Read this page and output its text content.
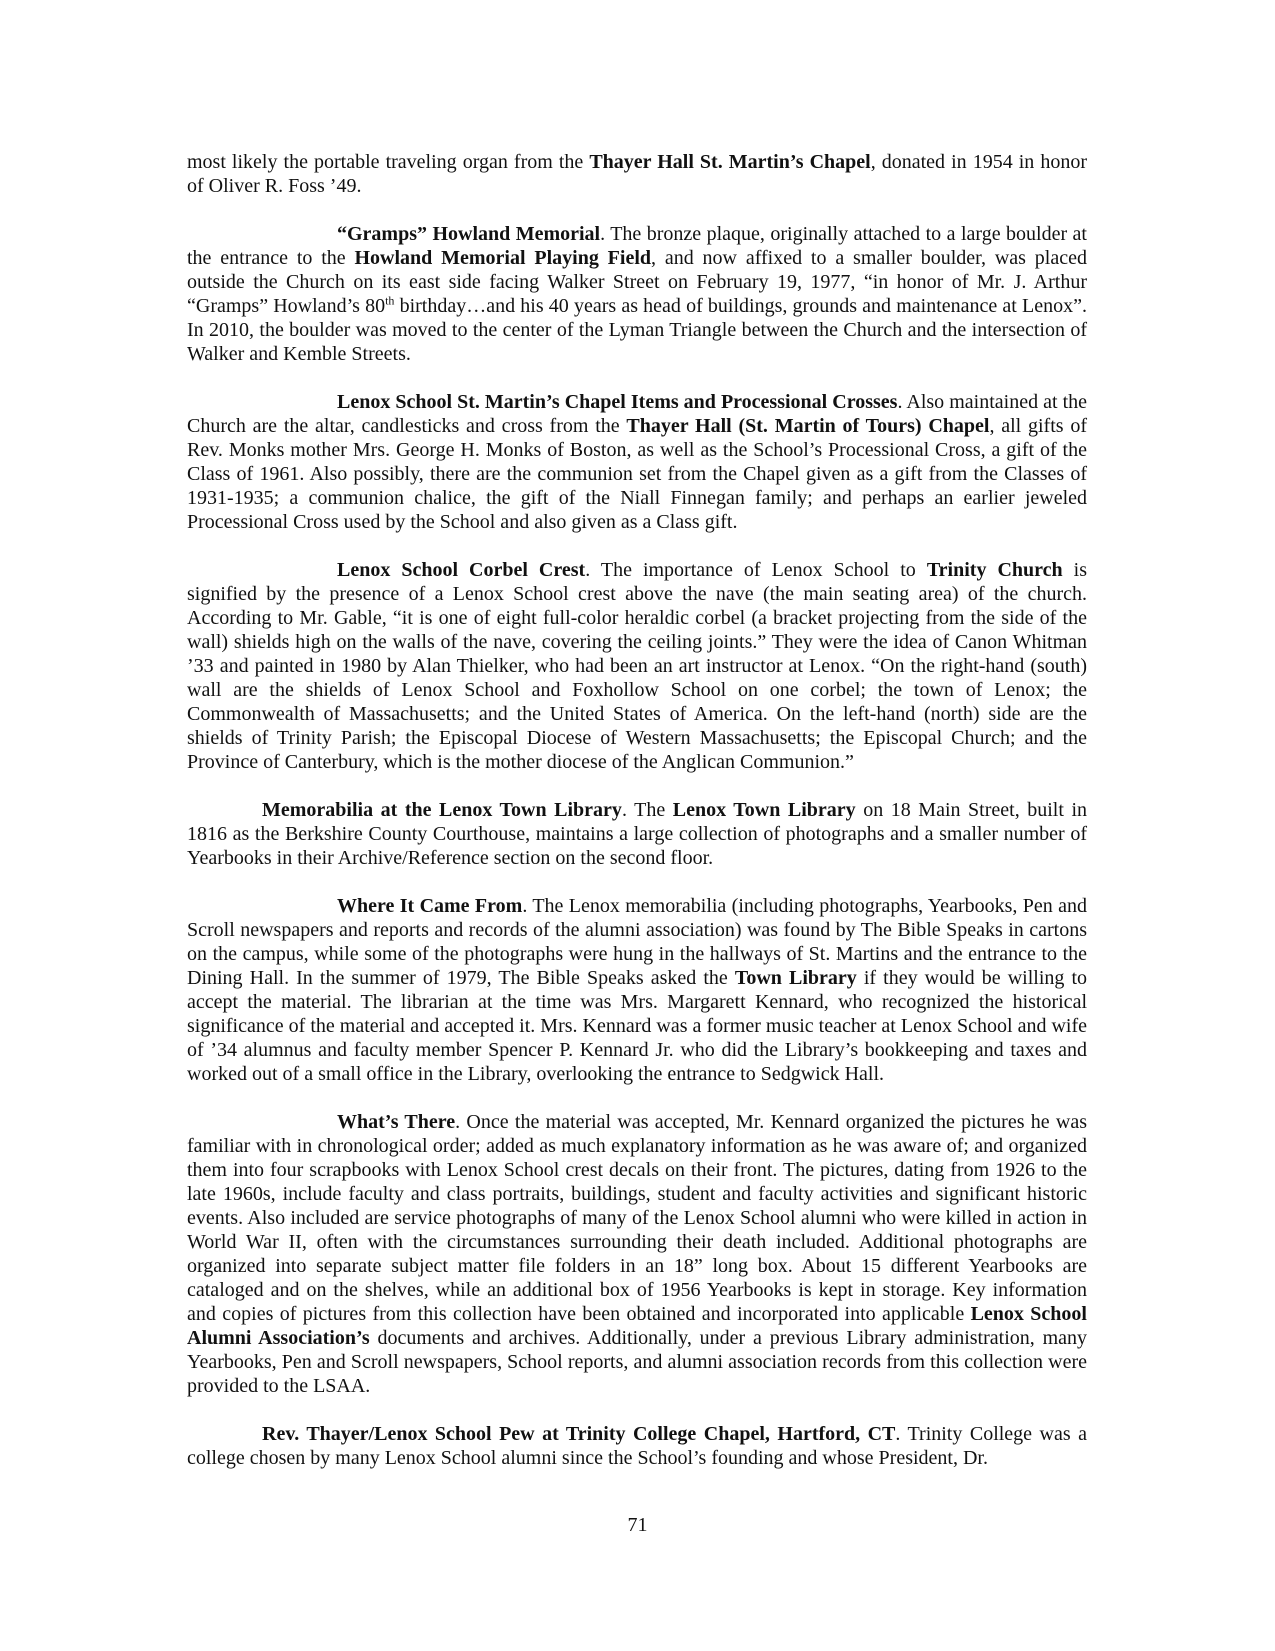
most likely the portable traveling organ from the Thayer Hall St. Martin’s Chapel, donated in 1954 in honor of Oliver R. Foss ’49.

“Gramps” Howland Memorial. The bronze plaque, originally attached to a large boulder at the entrance to the Howland Memorial Playing Field, and now affixed to a smaller boulder, was placed outside the Church on its east side facing Walker Street on February 19, 1977, “in honor of Mr. J. Arthur “Gramps” Howland’s 80th birthday…and his 40 years as head of buildings, grounds and maintenance at Lenox”. In 2010, the boulder was moved to the center of the Lyman Triangle between the Church and the intersection of Walker and Kemble Streets.

Lenox School St. Martin’s Chapel Items and Processional Crosses. Also maintained at the Church are the altar, candlesticks and cross from the Thayer Hall (St. Martin of Tours) Chapel, all gifts of Rev. Monks mother Mrs. George H. Monks of Boston, as well as the School’s Processional Cross, a gift of the Class of 1961. Also possibly, there are the communion set from the Chapel given as a gift from the Classes of 1931-1935; a communion chalice, the gift of the Niall Finnegan family; and perhaps an earlier jeweled Processional Cross used by the School and also given as a Class gift.

Lenox School Corbel Crest. The importance of Lenox School to Trinity Church is signified by the presence of a Lenox School crest above the nave (the main seating area) of the church. According to Mr. Gable, “it is one of eight full-color heraldic corbel (a bracket projecting from the side of the wall) shields high on the walls of the nave, covering the ceiling joints.” They were the idea of Canon Whitman ’33 and painted in 1980 by Alan Thielker, who had been an art instructor at Lenox. “On the right-hand (south) wall are the shields of Lenox School and Foxhollow School on one corbel; the town of Lenox; the Commonwealth of Massachusetts; and the United States of America. On the left-hand (north) side are the shields of Trinity Parish; the Episcopal Diocese of Western Massachusetts; the Episcopal Church; and the Province of Canterbury, which is the mother diocese of the Anglican Communion.”

Memorabilia at the Lenox Town Library. The Lenox Town Library on 18 Main Street, built in 1816 as the Berkshire County Courthouse, maintains a large collection of photographs and a smaller number of Yearbooks in their Archive/Reference section on the second floor.

Where It Came From. The Lenox memorabilia (including photographs, Yearbooks, Pen and Scroll newspapers and reports and records of the alumni association) was found by The Bible Speaks in cartons on the campus, while some of the photographs were hung in the hallways of St. Martins and the entrance to the Dining Hall. In the summer of 1979, The Bible Speaks asked the Town Library if they would be willing to accept the material. The librarian at the time was Mrs. Margarett Kennard, who recognized the historical significance of the material and accepted it. Mrs. Kennard was a former music teacher at Lenox School and wife of ’34 alumnus and faculty member Spencer P. Kennard Jr. who did the Library’s bookkeeping and taxes and worked out of a small office in the Library, overlooking the entrance to Sedgwick Hall.

What’s There. Once the material was accepted, Mr. Kennard organized the pictures he was familiar with in chronological order; added as much explanatory information as he was aware of; and organized them into four scrapbooks with Lenox School crest decals on their front. The pictures, dating from 1926 to the late 1960s, include faculty and class portraits, buildings, student and faculty activities and significant historic events. Also included are service photographs of many of the Lenox School alumni who were killed in action in World War II, often with the circumstances surrounding their death included. Additional photographs are organized into separate subject matter file folders in an 18” long box. About 15 different Yearbooks are cataloged and on the shelves, while an additional box of 1956 Yearbooks is kept in storage. Key information and copies of pictures from this collection have been obtained and incorporated into applicable Lenox School Alumni Association’s documents and archives. Additionally, under a previous Library administration, many Yearbooks, Pen and Scroll newspapers, School reports, and alumni association records from this collection were provided to the LSAA.

Rev. Thayer/Lenox School Pew at Trinity College Chapel, Hartford, CT. Trinity College was a college chosen by many Lenox School alumni since the School’s founding and whose President, Dr.

71
